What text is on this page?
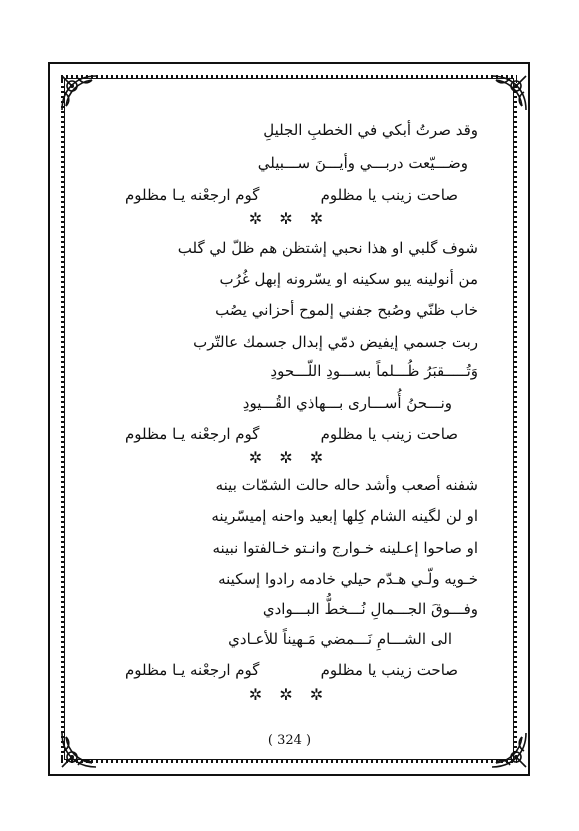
وقد صرتُ أبكي في الخطبِ الجليلِ
وضـــيّعت دربـــي وأيـــنَ ســـبيلي
صاحت زينب يا مظلوم
گوم ارجعْنه يـا مظلوم
✲ ✲ ✲
شوف گلبي او هذا نحبي إشتظن هم ظلّ لي گلب
من أنولينه يبو سكينه او يسّرونه إبهل غُرُب
خاب ظنّي وصُبح جفني إلموح أحزاني يصُب
ربت جسمي إيفيض دمّي إبدال جسمك عالتّرب
وَتُـــــقبَرُ ظُـــلماً بســـودِ اللّـــحودِ
ونـــحنُ أُســـارى بـــهاذي القُـــيودِ
صاحت زينب يا مظلوم
گوم ارجعْنه يـا مظلوم
✲ ✲ ✲
شفنه أصعب وأشد حاله حالت الشمّات بينه
او لن لگينه الشام كِلها إبعيد واحنه إميسّرينه
او صاحوا إعـلينه خـوارج وانـتو خـالفتوا نبينه
خـويه ولّـي هـدّم حيلي خادمه رادوا إسكينه
وفـــوقَ الجـــمالِ نُـــخطُّ البـــوادي
الى الشـــامِ نَـــمضي مَـهيناً للأعـادي
صاحت زينب يا مظلوم
گوم ارجعْنه يـا مظلوم
✲ ✲ ✲
( 324 )
